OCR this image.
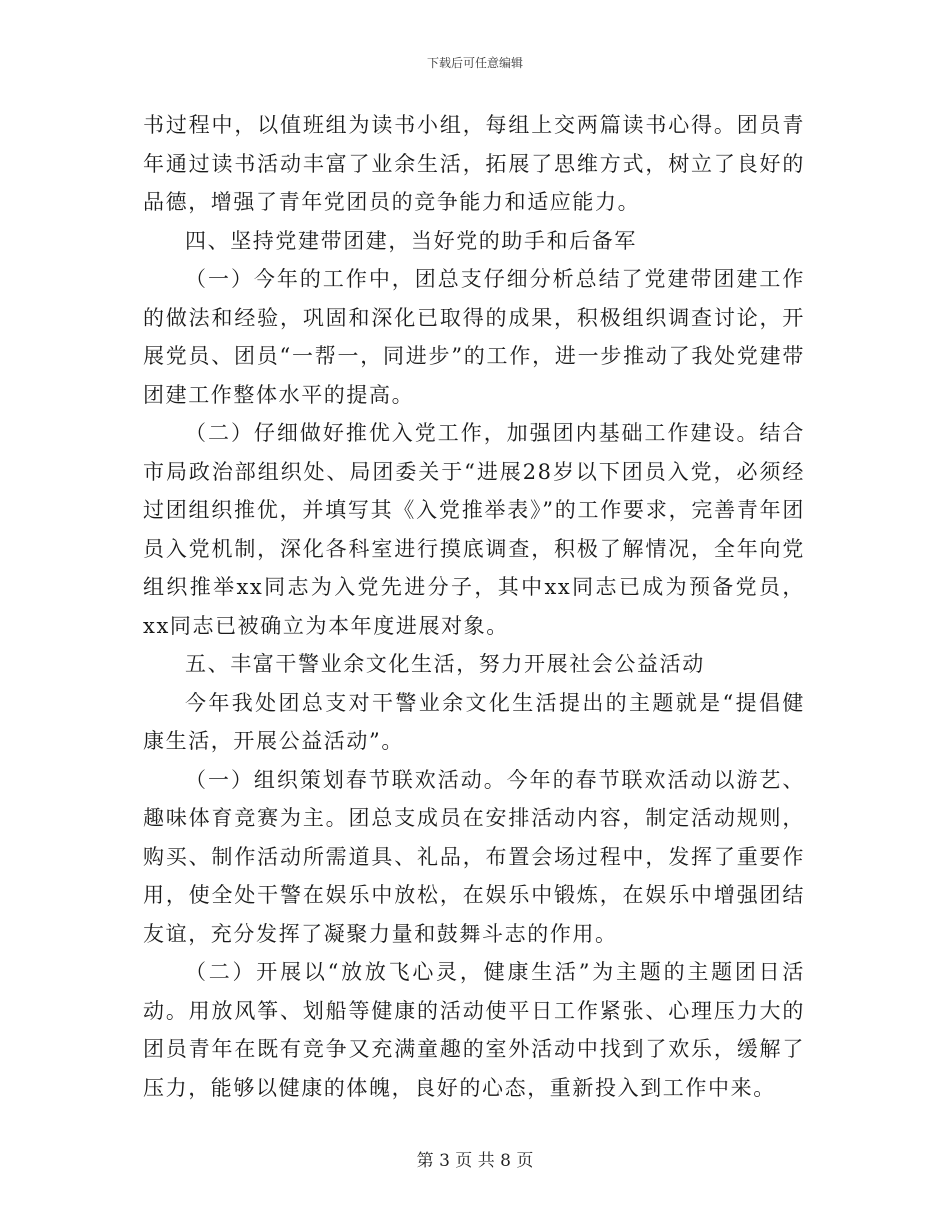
下载后可任意编辑

书过程中，以值班组为读书小组，每组上交两篇读书心得。团员青年通过读书活动丰富了业余生活，拓展了思维方式，树立了良好的品德，增强了青年党团员的竞争能力和适应能力。

四、坚持党建带团建，当好党的助手和后备军

（一）今年的工作中，团总支仔细分析总结了党建带团建工作的做法和经验，巩固和深化已取得的成果，积极组织调查讨论，开展党员、团员“一帮一，同进步”的工作，进一步推动了我处党建带团建工作整体水平的提高。

（二）仔细做好推优入党工作，加强团内基础工作建设。结合市局政治部组织处、局团委关于“进展28岁以下团员入党，必须经过团组织推优，并填写其《入党推举表》”的工作要求，完善青年团员入党机制，深化各科室进行摸底调查，积极了解情况，全年向党组织推举xx同志为入党先进分子，其中xx同志已成为预备党员，xx同志已被确立为本年度进展对象。

五、丰富干警业余文化生活，努力开展社会公益活动

今年我处团总支对干警业余文化生活提出的主题就是“提倡健康生活，开展公益活动”。

（一）组织策划春节联欢活动。今年的春节联欢活动以游艺、趣味体育竞赛为主。团总支成员在安排活动内容，制定活动规则，购买、制作活动所需道具、礼品，布置会场过程中，发挥了重要作用，使全处干警在娱乐中放松，在娱乐中锻炼，在娱乐中增强团结友谊，充分发挥了凝聚力量和鼓舞斗志的作用。

（二）开展以“放放飞心灵，健康生活”为主题的主题团日活动。用放风筝、划船等健康的活动使平日工作紧张、心理压力大的团员青年在既有竞争又充满童趣的室外活动中找到了欢乐，缓解了压力，能够以健康的体魄，良好的心态，重新投入到工作中来。

第 3 页 共 8 页
